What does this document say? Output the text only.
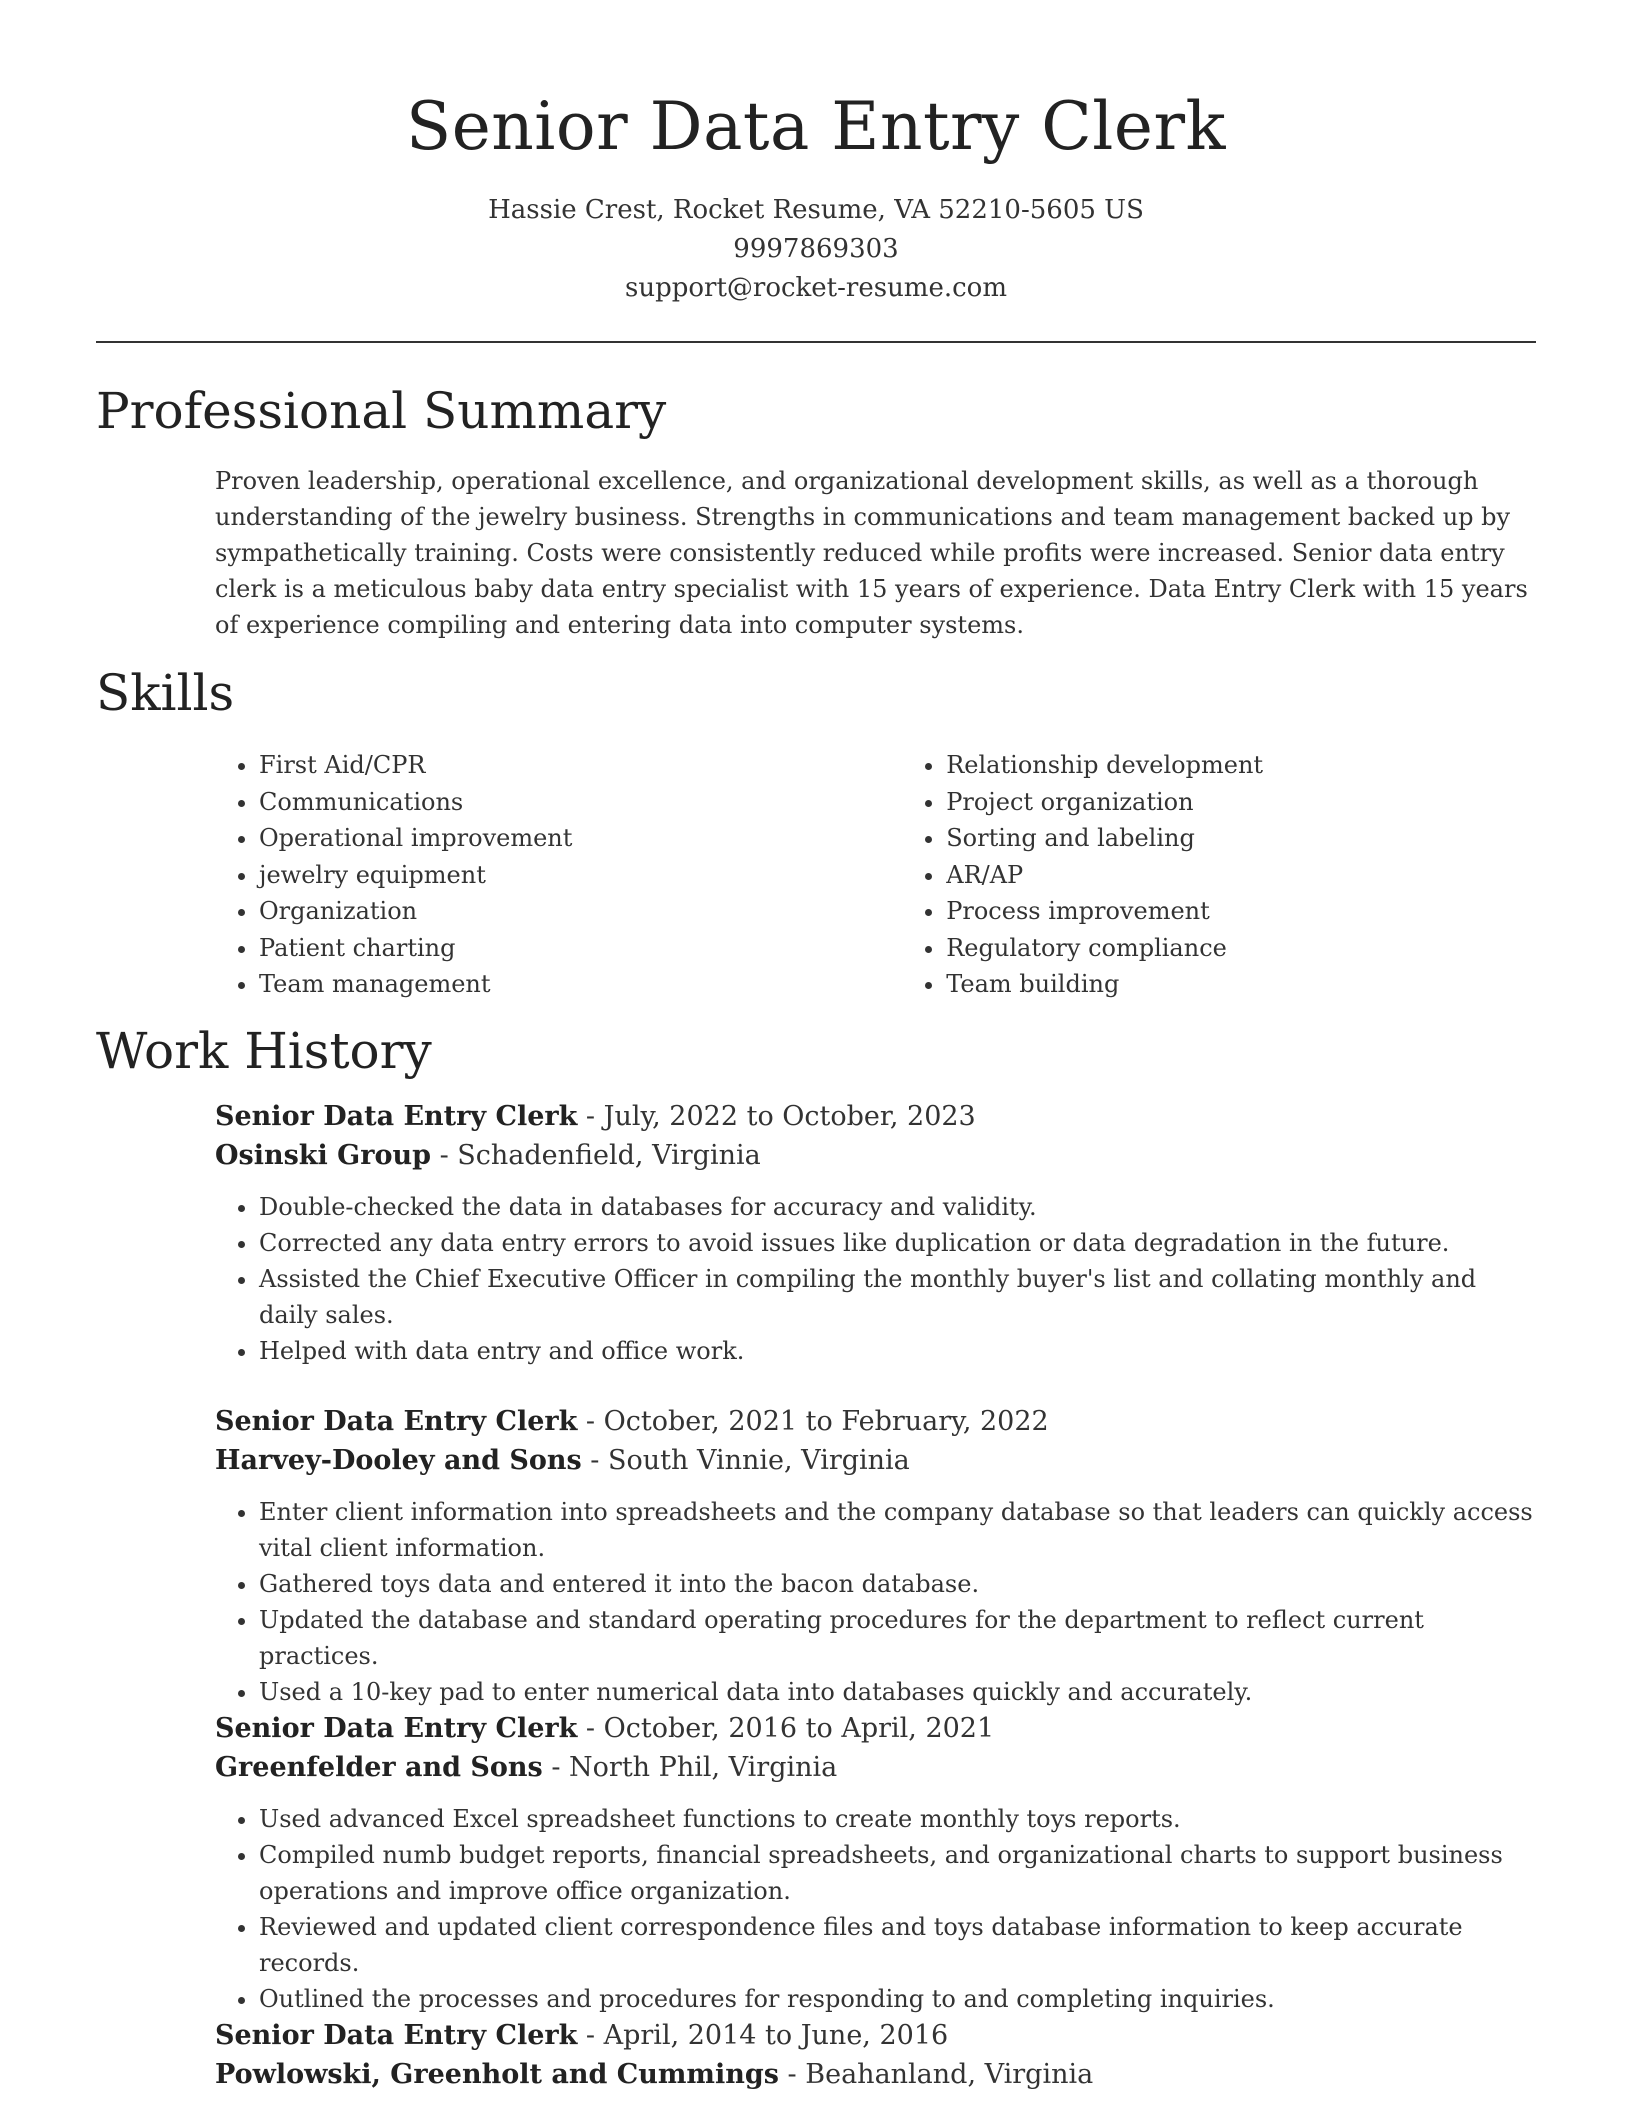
Senior Data Entry Clerk
Hassie Crest, Rocket Resume, VA 52210-5605 US
9997869303
support@rocket-resume.com
Professional Summary

Proven leadership, operational excellence, and organizational development skills, as well as a thorough understanding of the jewelry business. Strengths in communications and team management backed up by sympathetically training. Costs were consistently reduced while profits were increased. Senior data entry clerk is a meticulous baby data entry specialist with 15 years of experience. Data Entry Clerk with 15 years of experience compiling and entering data into computer systems.

Skills
• First Aid/CPR
• Communications
• Operational improvement
• jewelry equipment
• Organization
• Patient charting
• Team management
• Relationship development
• Project organization
• Sorting and labeling
• AR/AP
• Process improvement
• Regulatory compliance
• Team building
Work History
Senior Data Entry Clerk - July, 2022 to October, 2023
Osinski Group - Schadenfield, Virginia
• Double-checked the data in databases for accuracy and validity.
• Corrected any data entry errors to avoid issues like duplication or data degradation in the future.
• Assisted the Chief Executive Officer in compiling the monthly buyer's list and collating monthly and daily sales.
• Helped with data entry and office work.
Senior Data Entry Clerk - October, 2021 to February, 2022
Harvey-Dooley and Sons - South Vinnie, Virginia
• Enter client information into spreadsheets and the company database so that leaders can quickly access vital client information.
• Gathered toys data and entered it into the bacon database.
• Updated the database and standard operating procedures for the department to reflect current practices.
• Used a 10-key pad to enter numerical data into databases quickly and accurately.
Senior Data Entry Clerk - October, 2016 to April, 2021
Greenfelder and Sons - North Phil, Virginia
• Used advanced Excel spreadsheet functions to create monthly toys reports.
• Compiled numb budget reports, financial spreadsheets, and organizational charts to support business operations and improve office organization.
• Reviewed and updated client correspondence files and toys database information to keep accurate records.
• Outlined the processes and procedures for responding to and completing inquiries.
Senior Data Entry Clerk - April, 2014 to June, 2016
Powlowski, Greenholt and Cummings - Beahanland, Virginia
